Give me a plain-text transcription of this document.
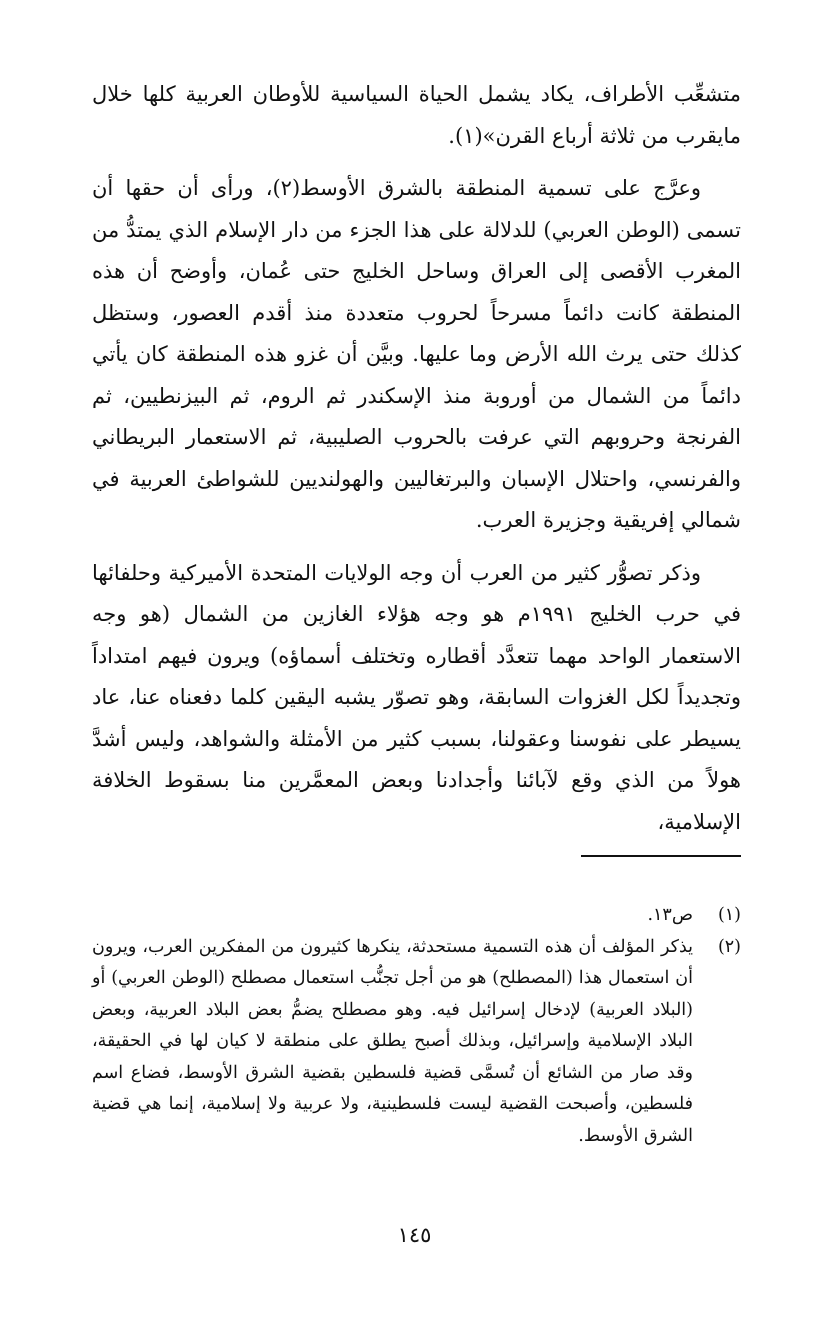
متشعِّب الأطراف، يكاد يشمل الحياة السياسية للأوطان العربية كلها خلال مايقرب من ثلاثة أرباع القرن»(١).

وعرَّج على تسمية المنطقة بالشرق الأوسط(٢)، ورأى أن حقها أن تسمى (الوطن العربي) للدلالة على هذا الجزء من دار الإسلام الذي يمتدُّ من المغرب الأقصى إلى العراق وساحل الخليج حتى عُمان، وأوضح أن هذه المنطقة كانت دائماً مسرحاً لحروب متعددة منذ أقدم العصور، وستظل كذلك حتى يرث الله الأرض وما عليها. وبيَّن أن غزو هذه المنطقة كان يأتي دائماً من الشمال من أوروبة منذ الإسكندر ثم الروم، ثم البيزنطيين، ثم الفرنجة وحروبهم التي عرفت بالحروب الصليبية، ثم الاستعمار البريطاني والفرنسي، واحتلال الإسبان والبرتغاليين والهولنديين للشواطئ العربية في شمالي إفريقية وجزيرة العرب.

وذكر تصوُّر كثير من العرب أن وجه الولايات المتحدة الأميركية وحلفائها في حرب الخليج ١٩٩١م هو وجه هؤلاء الغازين من الشمال (هو وجه الاستعمار الواحد مهما تتعدَّد أقطاره وتختلف أسماؤه) ويرون فيهم امتداداً وتجديداً لكل الغزوات السابقة، وهو تصوّر يشبه اليقين كلما دفعناه عنا، عاد يسيطر على نفوسنا وعقولنا، بسبب كثير من الأمثلة والشواهد، وليس أشدَّ هولاً من الذي وقع لآبائنا وأجدادنا وبعض المعمَّرين منا بسقوط الخلافة الإسلامية،

(١)
ص١٣.
(٢)
يذكر المؤلف أن هذه التسمية مستحدثة، ينكرها كثيرون من المفكرين العرب، ويرون أن استعمال هذا (المصطلح) هو من أجل تجنُّب استعمال مصطلح (الوطن العربي) أو (البلاد العربية) لإدخال إسرائيل فيه. وهو مصطلح يضمُّ بعض البلاد العربية، وبعض البلاد الإسلامية وإسرائيل، وبذلك أصبح يطلق على منطقة لا كيان لها في الحقيقة، وقد صار من الشائع أن تُسمَّى قضية فلسطين بقضية الشرق الأوسط، فضاع اسم فلسطين، وأصبحت القضية ليست فلسطينية، ولا عربية ولا إسلامية، إنما هي قضية الشرق الأوسط.
١٤٥
